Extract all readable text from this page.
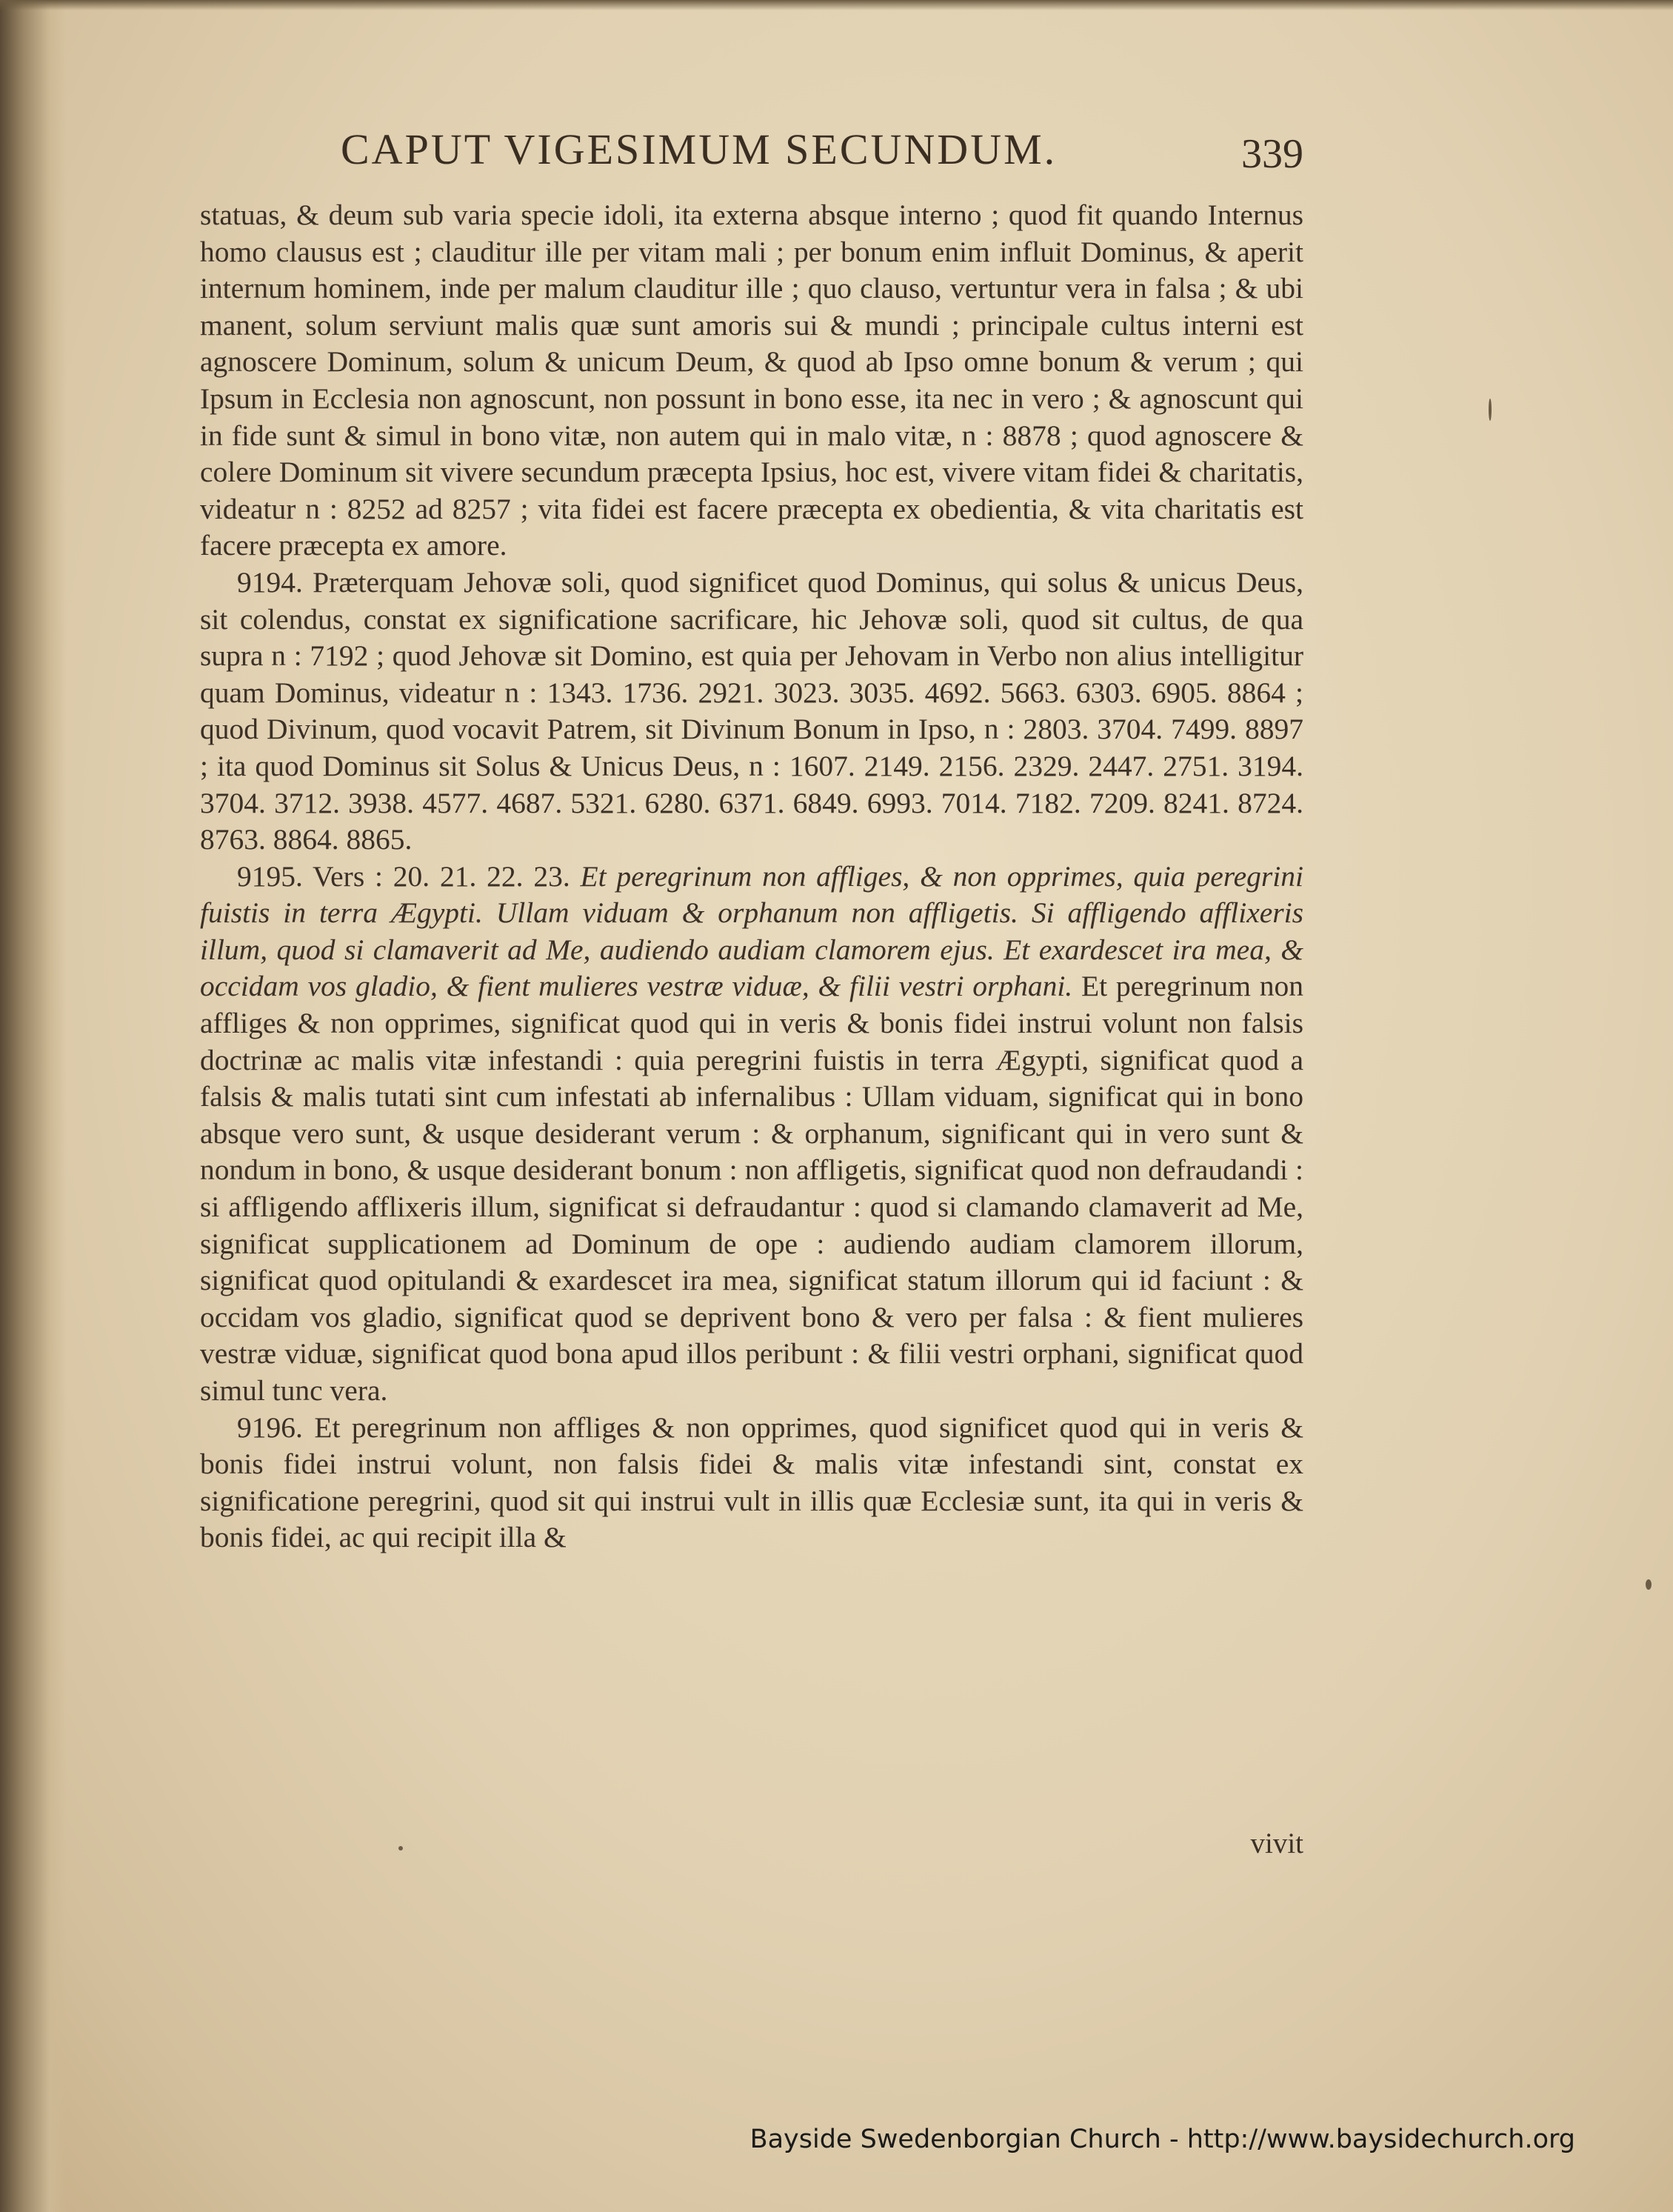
CAPUT VIGESIMUM SECUNDUM.	339

statuas, & deum sub varia specie idoli, ita externa absque interno ; quod fit quando Internus homo clausus est ; clauditur ille per vitam mali ; per bonum enim influit Dominus, & aperit internum hominem, inde per malum clauditur ille ; quo clauso, vertuntur vera in falsa ; & ubi manent, solum serviunt malis quæ sunt amoris sui & mundi ; principale cultus interni est agnoscere Dominum, solum & unicum Deum, & quod ab Ipso omne bonum & verum ; qui Ipsum in Ecclesia non agnoscunt, non possunt in bono esse, ita nec in vero ; & agnoscunt qui in fide sunt & simul in bono vitæ, non autem qui in malo vitæ, n : 8878 ; quod agnoscere & colere Dominum sit vivere secundum præcepta Ipsius, hoc est, vivere vitam fidei & charitatis, videatur n : 8252 ad 8257 ; vita fidei est facere præcepta ex obedientia, & vita charitatis est facere præcepta ex amore.

9194. Præterquam Jehovæ soli, quod significet quod Dominus, qui solus & unicus Deus, sit colendus, constat ex significatione sacrificare, hic Jehovæ soli, quod sit cultus, de qua supra n : 7192 ; quod Jehovæ sit Domino, est quia per Jehovam in Verbo non alius intelligitur quam Dominus, videatur n : 1343. 1736. 2921. 3023. 3035. 4692. 5663. 6303. 6905. 8864 ; quod Divinum, quod vocavit Patrem, sit Divinum Bonum in Ipso, n : 2803. 3704. 7499. 8897 ; ita quod Dominus sit Solus & Unicus Deus, n : 1607. 2149. 2156. 2329. 2447. 2751. 3194. 3704. 3712. 3938. 4577. 4687. 5321. 6280. 6371. 6849. 6993. 7014. 7182. 7209. 8241. 8724. 8763. 8864. 8865.

9195. Vers : 20. 21. 22. 23. Et peregrinum non affliges, & non opprimes, quia peregrini fuistis in terra Ægypti. Ullam viduam & orphanum non affligetis. Si affligendo afflixeris illum, quod si clamaverit ad Me, audiendo audiam clamorem ejus. Et exardescet ira mea, & occidam vos gladio, & fient mulieres vestræ viduæ, & filii vestri orphani. Et peregrinum non affliges & non opprimes, significat quod qui in veris & bonis fidei instrui volunt non falsis doctrinæ ac malis vitæ infestandi : quia peregrini fuistis in terra Ægypti, significat quod a falsis & malis tutati sint cum infestati ab infernalibus : Ullam viduam, significat qui in bono absque vero sunt, & usque desiderant verum : & orphanum, significant qui in vero sunt & nondum in bono, & usque desiderant bonum : non affligetis, significat quod non defraudandi : si affligendo afflixeris illum, significat si defraudantur : quod si clamando clamaverit ad Me, significat supplicationem ad Dominum de ope : audiendo audiam clamorem illorum, significat quod opitulandi & exardescet ira mea, significat statum illorum qui id faciunt : & occidam vos gladio, significat quod se deprivent bono & vero per falsa : & fient mulieres vestræ viduæ, significat quod bona apud illos peribunt : & filii vestri orphani, significat quod simul tunc vera.

9196. Et peregrinum non affliges & non opprimes, quod significet quod qui in veris & bonis fidei instrui volunt, non falsis fidei & malis vitæ infestandi sint, constat ex significatione peregrini, quod sit qui instrui vult in illis quæ Ecclesiæ sunt, ita qui in veris & bonis fidei, ac qui recipit illa &

vivit
Bayside Swedenborgian Church - http://www.baysidechurch.org
